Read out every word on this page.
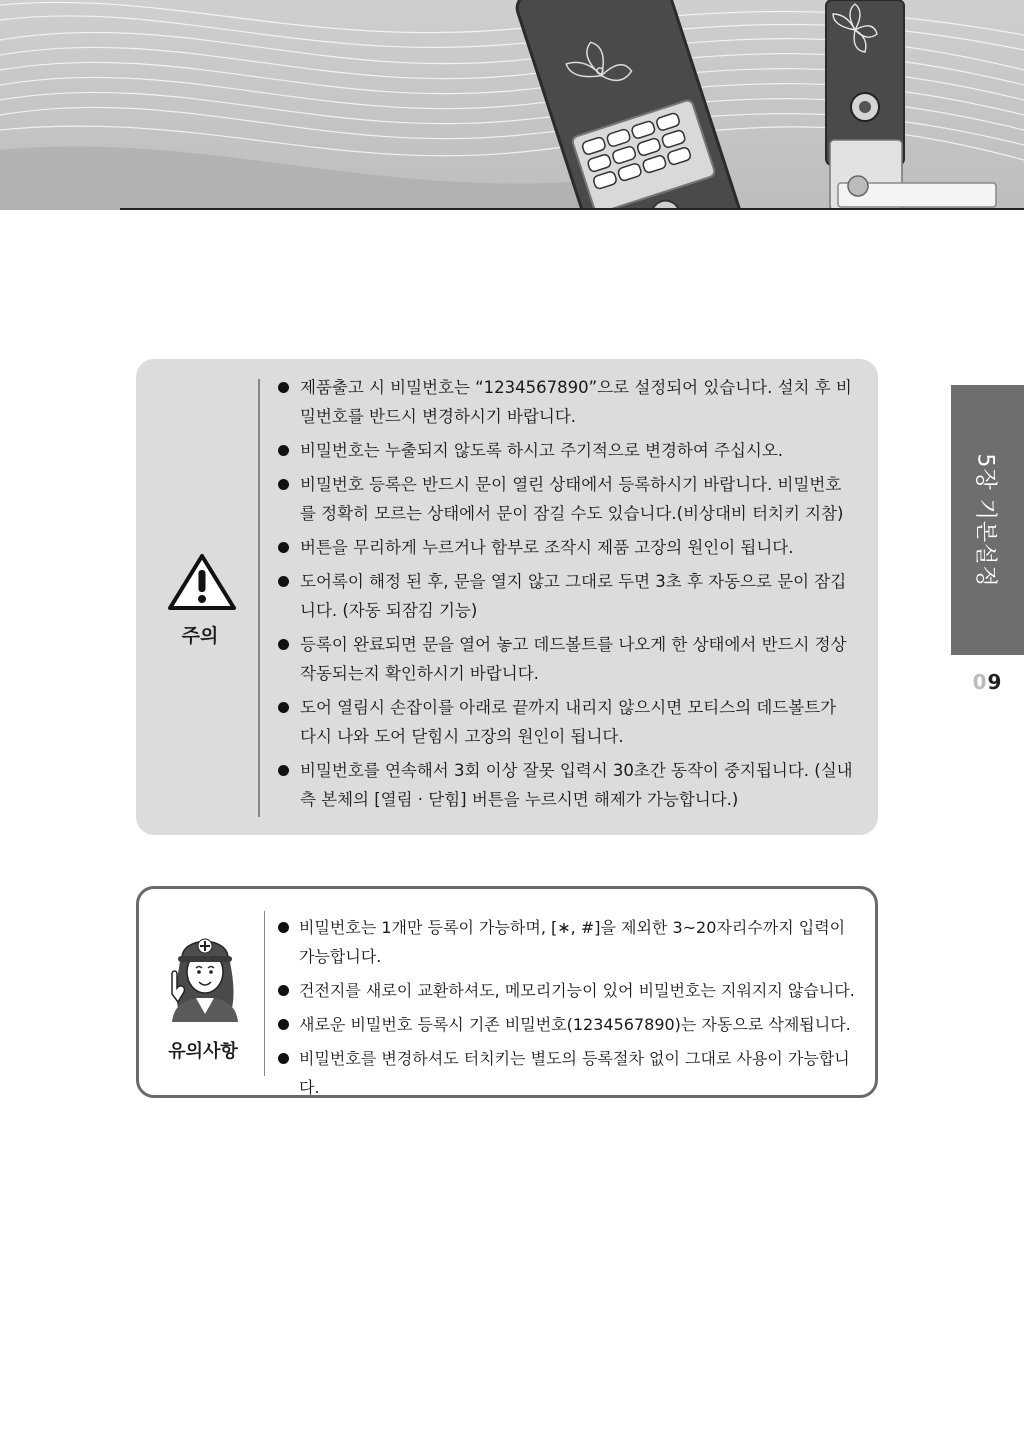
5장 기본설정
09
주의
제품출고 시 비밀번호는 “1234567890”으로 설정되어 있습니다. 설치 후 비밀번호를 반드시 변경하시기 바랍니다.
비밀번호는 누출되지 않도록 하시고 주기적으로 변경하여 주십시오.
비밀번호 등록은 반드시 문이 열린 상태에서 등록하시기 바랍니다. 비밀번호를 정확히 모르는 상태에서 문이 잠길 수도 있습니다.(비상대비 터치키 지참)
버튼을 무리하게 누르거나 함부로 조작시 제품 고장의 원인이 됩니다.
도어록이 해정 된 후, 문을 열지 않고 그대로 두면 3초 후 자동으로 문이 잠깁니다. (자동 되잠김 기능)
등록이 완료되면 문을 열어 놓고 데드볼트를 나오게 한 상태에서 반드시 정상 작동되는지 확인하시기 바랍니다.
도어 열림시 손잡이를 아래로 끝까지 내리지 않으시면 모티스의 데드볼트가 다시 나와 도어 닫힘시 고장의 원인이 됩니다.
비밀번호를 연속해서 3회 이상 잘못 입력시 30초간 동작이 중지됩니다. (실내측 본체의 [열림 · 닫힘] 버튼을 누르시면 해제가 가능합니다.)
유의사항
비밀번호는 1개만 등록이 가능하며, [∗, #]을 제외한 3~20자리수까지 입력이 가능합니다.
건전지를 새로이 교환하셔도, 메모리기능이 있어 비밀번호는 지워지지 않습니다.
새로운 비밀번호 등록시 기존 비밀번호(1234567890)는 자동으로 삭제됩니다.
비밀번호를 변경하셔도 터치키는 별도의 등록절차 없이 그대로 사용이 가능합니다.
